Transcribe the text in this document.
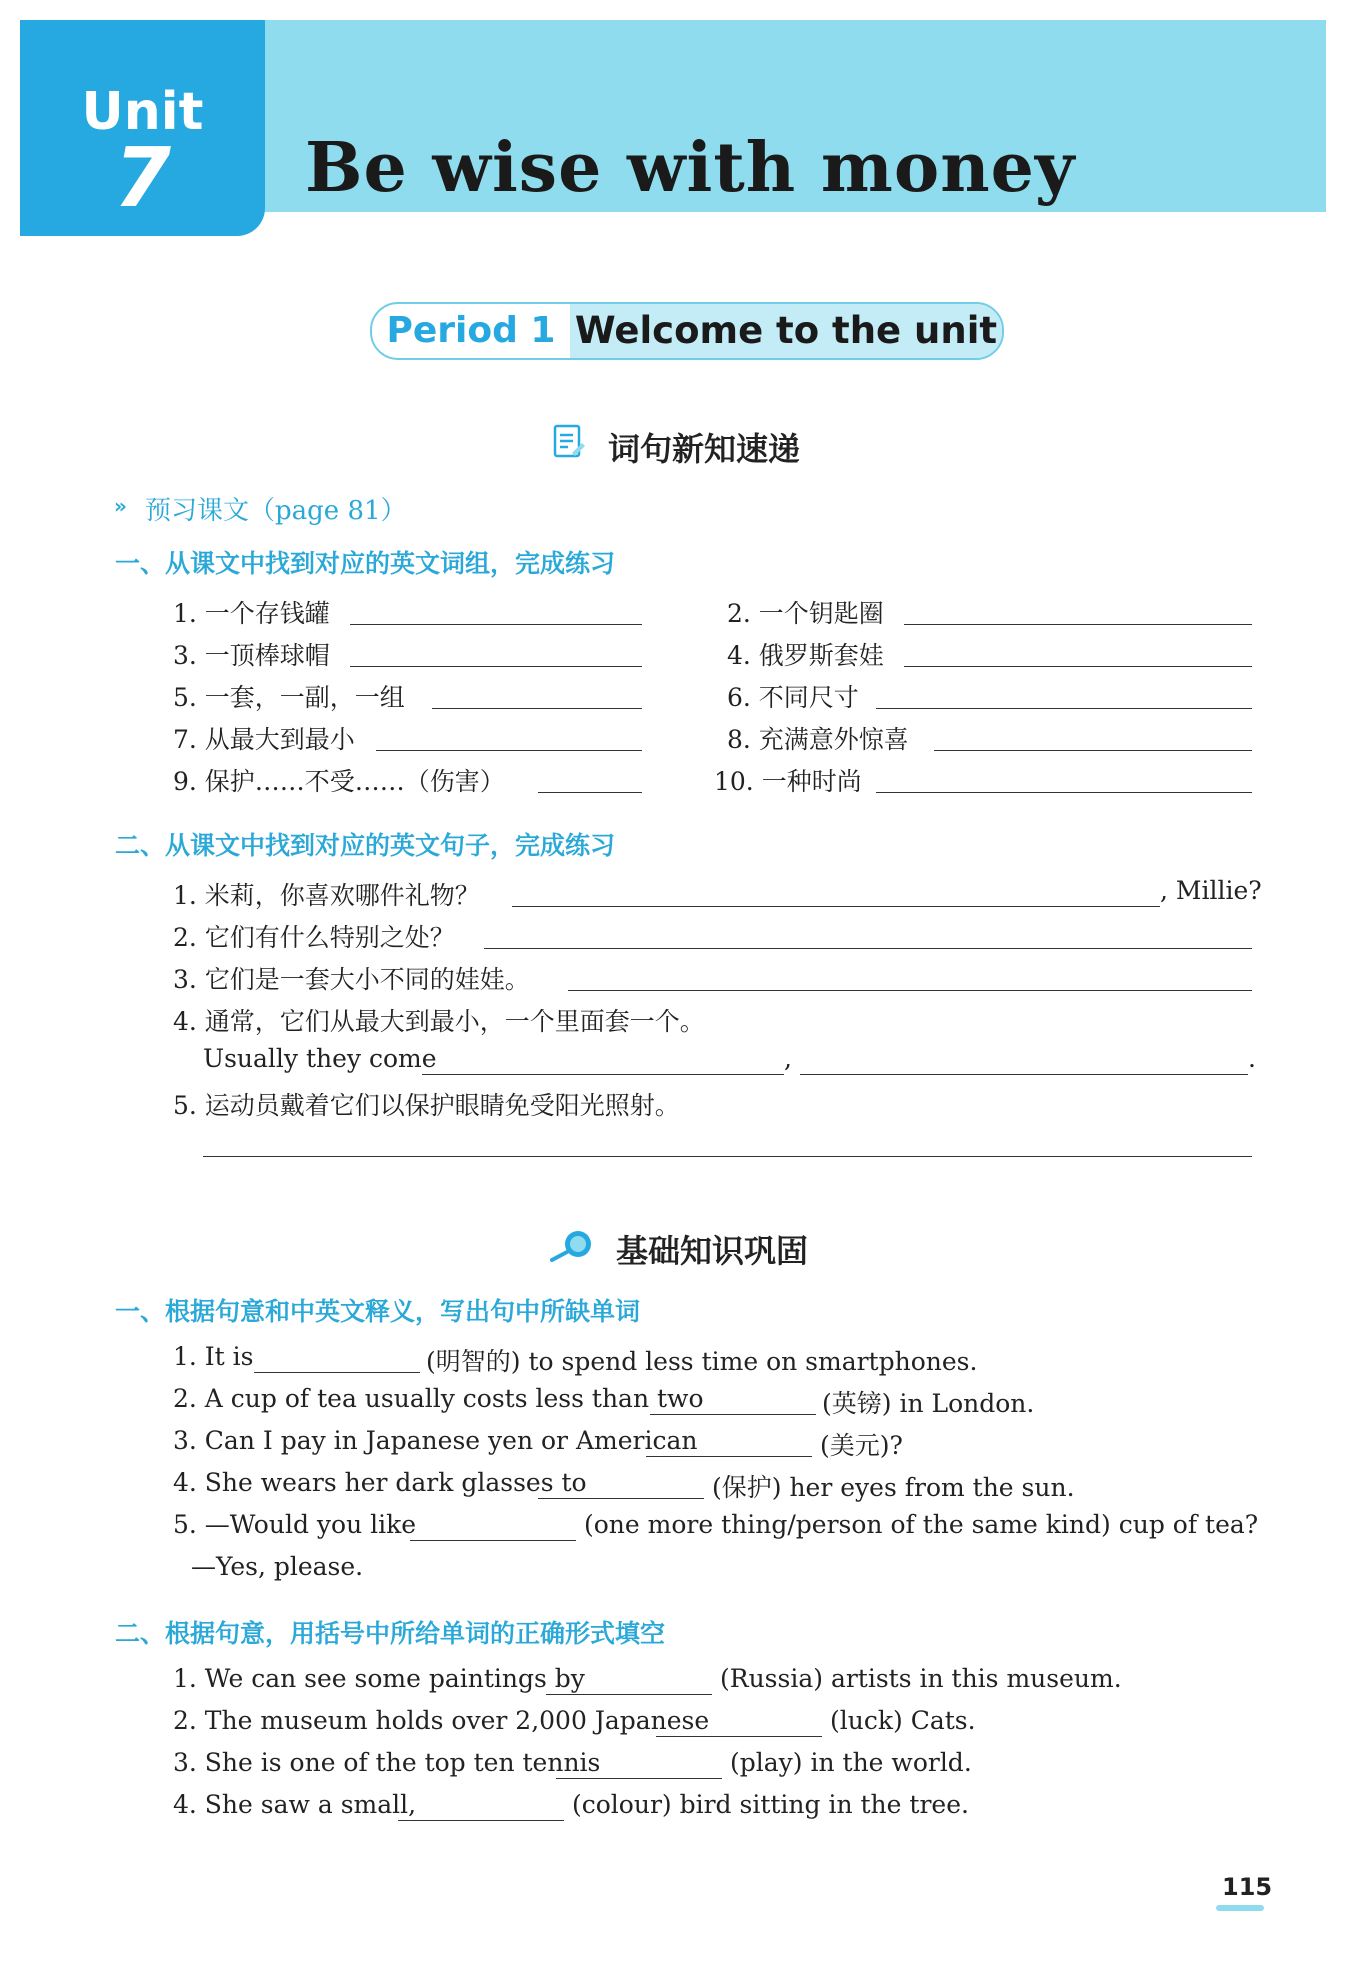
Unit
7	Be wise with money
Period 1 Welcome to the unit
词句新知速递
» 预习课文（page 81）
一、从课文中找到对应的英文词组，完成练习
1. 一个存钱罐	2. 一个钥匙圈
3. 一顶棒球帽	4. 俄罗斯套娃
5. 一套，一副，一组	6. 不同尺寸
7. 从最大到最小	8. 充满意外惊喜
9. 保护……不受……（伤害）	10. 一种时尚
二、从课文中找到对应的英文句子，完成练习
1. 米莉，你喜欢哪件礼物？	, Millie?
2. 它们有什么特别之处？
3. 它们是一套大小不同的娃娃。
4. 通常，它们从最大到最小，一个里面套一个。
Usually they come	,	.
5. 运动员戴着它们以保护眼睛免受阳光照射。
基础知识巩固
一、根据句意和中英文释义，写出句中所缺单词
1. It is	(明智的) to spend less time on smartphones.
2. A cup of tea usually costs less than two	(英镑) in London.
3. Can I pay in Japanese yen or American	(美元)?
4. She wears her dark glasses to	(保护) her eyes from the sun.
5. —Would you like	(one more thing/person of the same kind) cup of tea?
—Yes, please.
二、根据句意，用括号中所给单词的正确形式填空
1. We can see some paintings by	(Russia) artists in this museum.
2. The museum holds over 2,000 Japanese	(luck) Cats.
3. She is one of the top ten tennis	(play) in the world.
4. She saw a small,	(colour) bird sitting in the tree.
115
